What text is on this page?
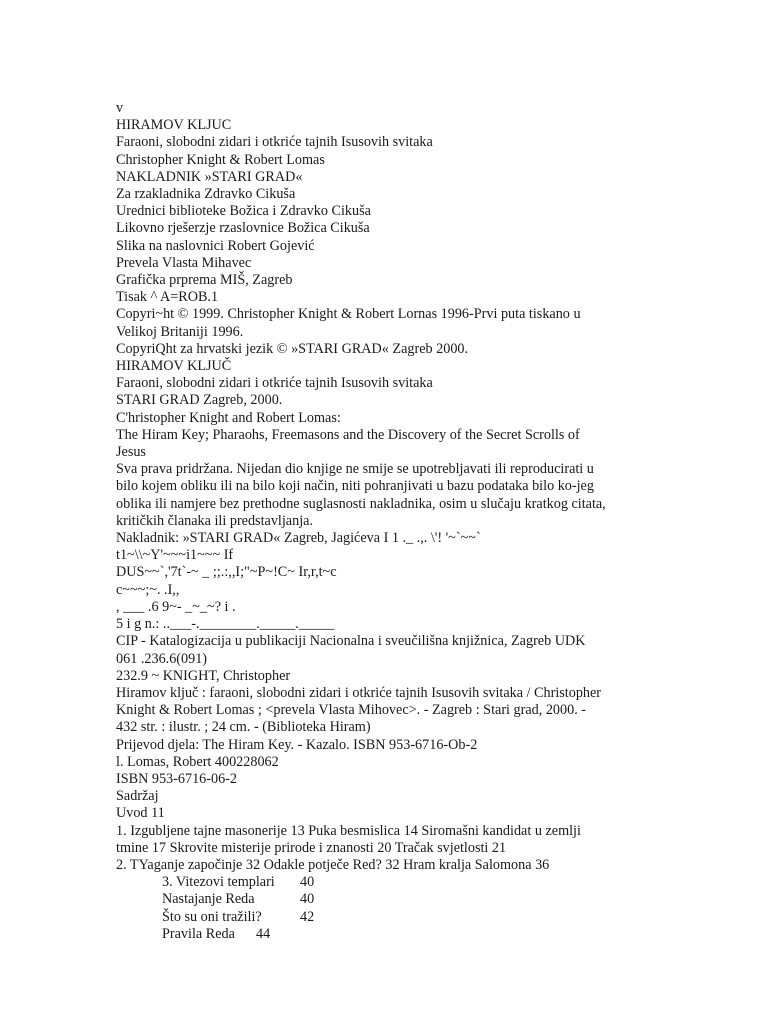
v
HIRAMOV KLJUC
Faraoni, slobodni zidari i otkriće tajnih Isusovih svitaka
Christopher Knight & Robert Lomas
NAKLADNIK »STARI GRAD«
Za rzakladnika Zdravko Cikuša
Urednici biblioteke Božica i Zdravko Cikuša
Likovno rješerzje rzaslovnice Božica Cikuša
Slika na naslovnici Robert Gojević
Prevela Vlasta Mihavec
Grafička prprema MIŠ, Zagreb
Tisak ^ A=ROB.1
Copyri~ht © 1999. Christopher Knight & Robert Lornas 1996-Prvi puta tiskano u
Velikoj Britaniji 1996.
CopyriQht za hrvatski jezik © »STARI GRAD« Zagreb 2000.
HIRAMOV KLJUČ
Faraoni, slobodni zidari i otkriće tajnih Isusovih svitaka
STARI GRAD Zagreb, 2000.
C'hristopher Knight and Robert Lomas:
The Hiram Key; Pharaohs, Freemasons and the Discovery of the Secret Scrolls of
Jesus
Sva prava pridržana. Nijedan dio knjige ne smije se upotrebljavati ili reproducirati u
bilo kojem obliku ili na bilo koji način, niti pohranjivati u bazu podataka bilo ko-jeg
oblika ili namjere bez prethodne suglasnosti nakladnika, osim u slučaju kratkog citata,
kritičkih članaka ili predstavljanja.
Nakladnik: »STARI GRAD« Zagreb, Jagićeva I 1 ._ .,. \'! '~`~~`
t1~\\~Y'~~~i1~~~ If
DUS~~`,'7t`-~ _ ;;.:,,I;"~P~!C~ Ir,r,t~c
c~~~;~. .I,,
, ___ .6 9~- _~_~? i .
5 i g n.: ..___-.________._____._____
CIP - Katalogizacija u publikaciji Nacionalna i sveučilišna knjižnica, Zagreb UDK
061 .236.6(091)
232.9 ~ KNIGHT, Christopher
Hiramov ključ : faraoni, slobodni zidari i otkriće tajnih Isusovih svitaka / Christopher
Knight & Robert Lomas ; <prevela Vlasta Mihovec>. - Zagreb : Stari grad, 2000. -
432 str. : ilustr. ; 24 cm. - (Biblioteka Hiram)
Prijevod djela: The Hiram Key. - Kazalo. ISBN 953-6716-Ob-2
l. Lomas, Robert 400228062
ISBN 953-6716-06-2
Sadržaj
Uvod 11
1. Izgubljene tajne masonerije 13 Puka besmislica 14 Siromašni kandidat u zemlji
tmine 17 Skrovite misterije prirode i znanosti 20 Tračak svjetlosti 21
2. TYaganje započinje 32 Odakle potječe Red? 32 Hram kralja Salomona 36
3. Vitezovi templari 40
Nastajanje Reda	40
Što su oni tražili?	42
Pravila Reda 44
